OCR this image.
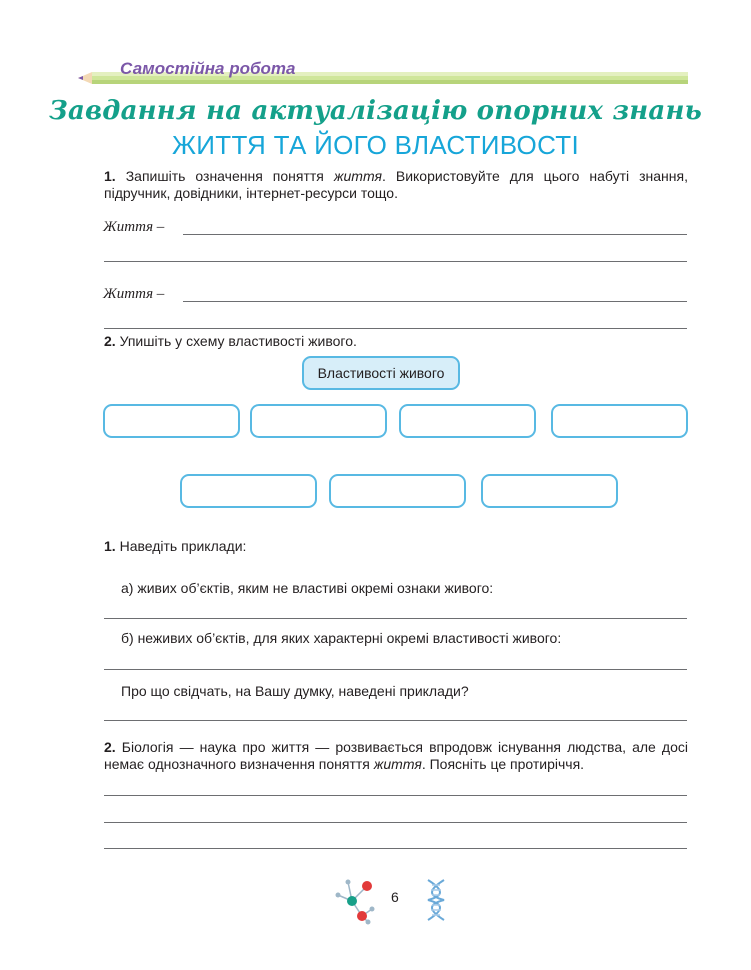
Самостійна робота
Завдання на актуалізацію опорних знань
ЖИТТЯ ТА ЙОГО ВЛАСТИВОСТІ
1. Запишіть означення поняття життя. Використовуйте для цього набуті знання, підручник, довідники, інтернет-ресурси тощо.
Життя –
Життя –
2. Упишіть у схему властивості живого.
Властивості живого
1. Наведіть приклади:
а) живих об’єктів, яким не властиві окремі ознаки живого:
б) неживих об’єктів, для яких характерні окремі властивості живого:
Про що свідчать, на Вашу думку, наведені приклади?
2. Біологія — наука про життя — розвивається впродовж існування людства, але досі немає однозначного визначення поняття життя. Поясніть це протиріччя.
6
